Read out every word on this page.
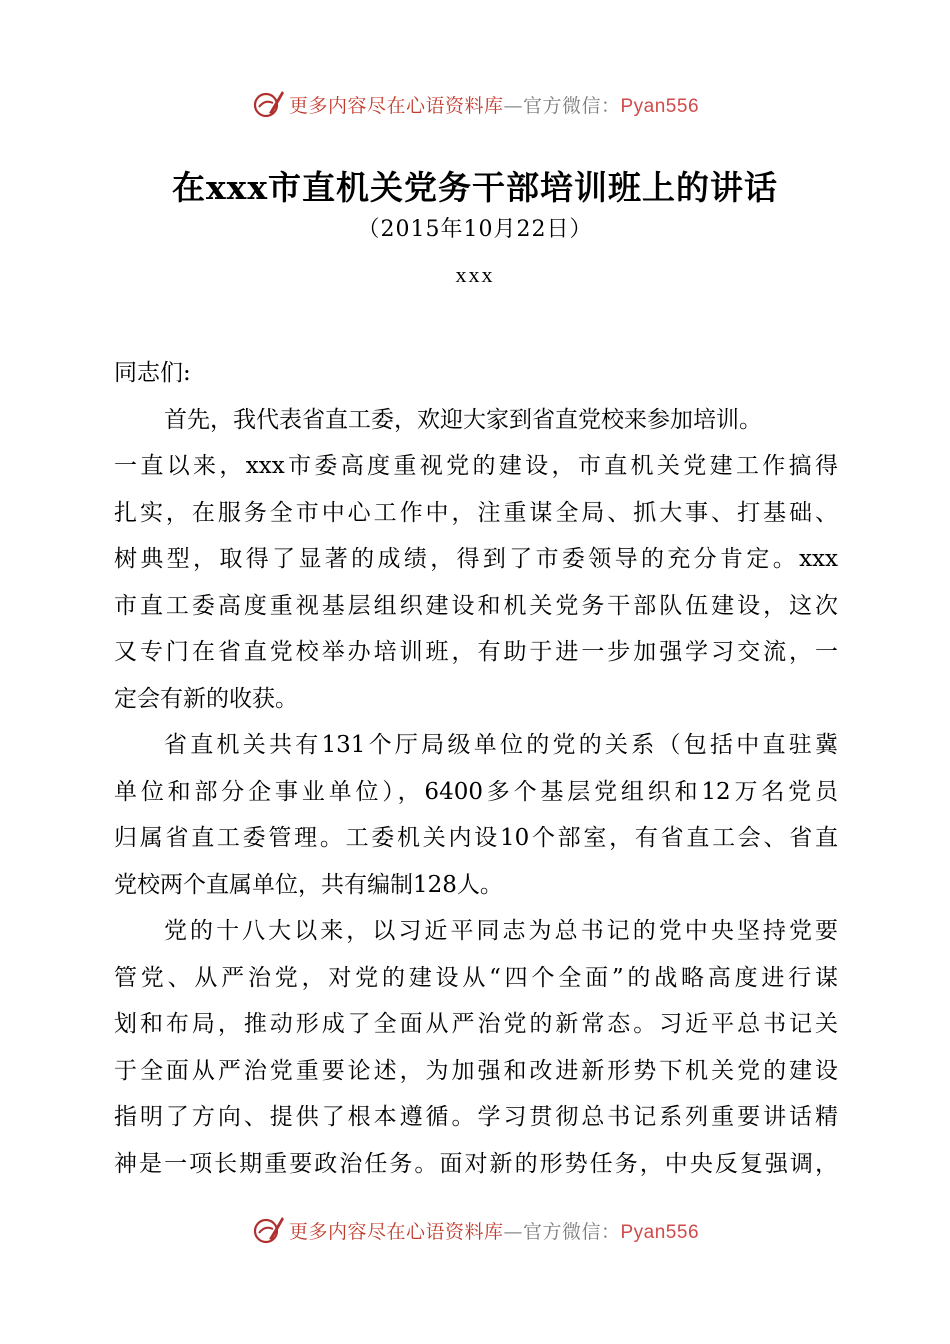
更多内容尽在心语资料库—官方微信：Pyan556
在xxx市直机关党务干部培训班上的讲话
（2015年10月22日）
xxx
同志们:
首先，我代表省直工委，欢迎大家到省直党校来参加培训。
一直以来，xxx市委高度重视党的建设，市直机关党建工作搞得
扎实，在服务全市中心工作中，注重谋全局、抓大事、打基础、
树典型，取得了显著的成绩，得到了市委领导的充分肯定。xxx
市直工委高度重视基层组织建设和机关党务干部队伍建设，这次
又专门在省直党校举办培训班，有助于进一步加强学习交流，一
定会有新的收获。
省直机关共有131个厅局级单位的党的关系（包括中直驻冀
单位和部分企事业单位），6400多个基层党组织和12万名党员
归属省直工委管理。工委机关内设10个部室，有省直工会、省直
党校两个直属单位，共有编制128人。
党的十八大以来，以习近平同志为总书记的党中央坚持党要
管党、从严治党，对党的建设从“四个全面”的战略高度进行谋
划和布局，推动形成了全面从严治党的新常态。习近平总书记关
于全面从严治党重要论述，为加强和改进新形势下机关党的建设
指明了方向、提供了根本遵循。学习贯彻总书记系列重要讲话精
神是一项长期重要政治任务。面对新的形势任务，中央反复强调，
更多内容尽在心语资料库—官方微信：Pyan556
